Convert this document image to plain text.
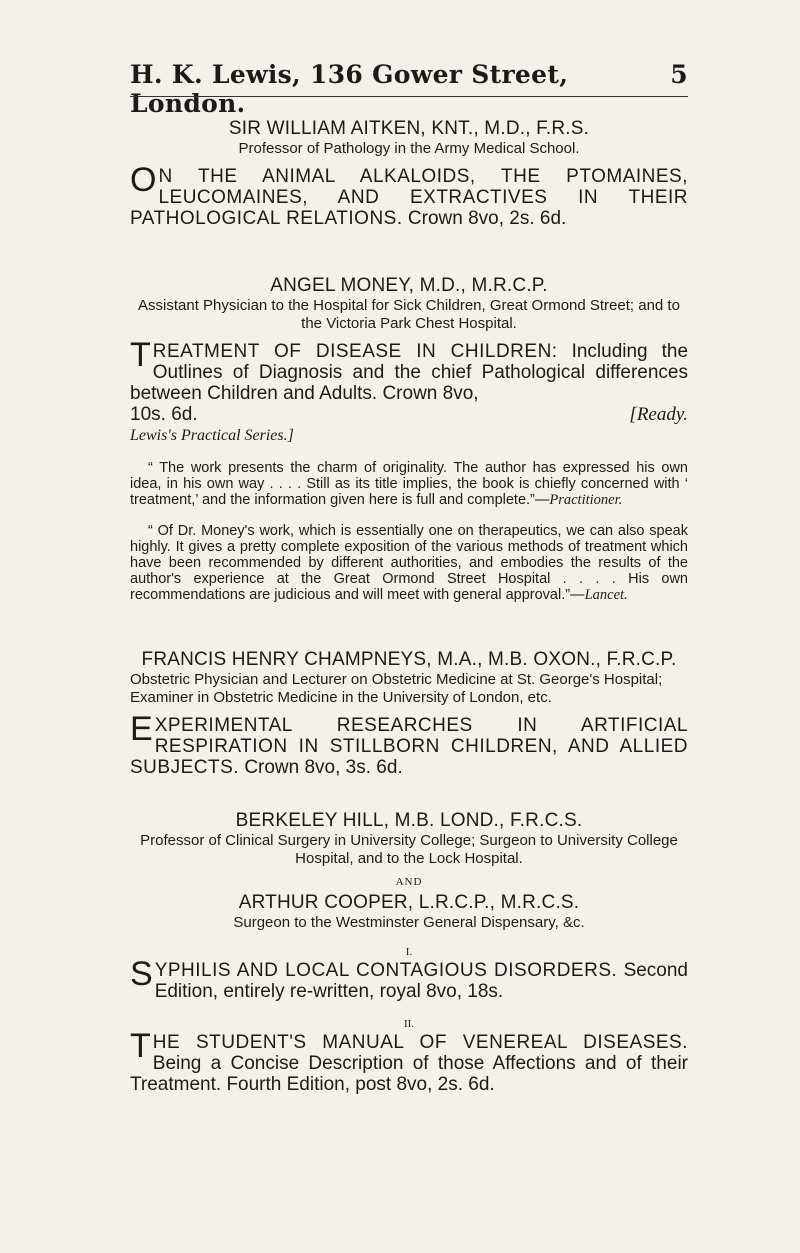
H. K. Lewis, 136 Gower Street, London.
5
SIR WILLIAM AITKEN, KNT., M.D., F.R.S.
Professor of Pathology in the Army Medical School.
O N THE ANIMAL ALKALOIDS, THE PTOMAINES, LEUCOMAINES, AND EXTRACTIVES IN THEIR PATHOLOGICAL RELATIONS. Crown 8vo, 2s. 6d.
ANGEL MONEY, M.D., M.R.C.P.
Assistant Physician to the Hospital for Sick Children, Great Ormond Street; and to the Victoria Park Chest Hospital.
TREATMENT OF DISEASE IN CHILDREN: Including the Outlines of Diagnosis and the chief Pathological differences between Children and Adults. Crown 8vo,
10s. 6d.	[Ready.
Lewis's Practical Series.]

“ The work presents the charm of originality. The author has expressed his own idea, in his own way . . . . Still as its title implies, the book is chiefly concerned with ‘ treatment,’ and the information given here is full and complete.”—Practitioner.

“ Of Dr. Money's work, which is essentially one on therapeutics, we can also speak highly. It gives a pretty complete exposition of the various methods of treatment which have been recommended by different authorities, and embodies the results of the author's experience at the Great Ormond Street Hospital . . . . His own recommendations are judicious and will meet with general approval.”—Lancet.

FRANCIS HENRY CHAMPNEYS, M.A., M.B. OXON., F.R.C.P.
Obstetric Physician and Lecturer on Obstetric Medicine at St. George's Hospital; Examiner in Obstetric Medicine in the University of London, etc.
EXPERIMENTAL RESEARCHES IN ARTIFICIAL RESPIRATION IN STILLBORN CHILDREN, AND ALLIED SUBJECTS. Crown 8vo, 3s. 6d.
BERKELEY HILL, M.B. LOND., F.R.C.S.
Professor of Clinical Surgery in University College; Surgeon to University College Hospital, and to the Lock Hospital.
AND
ARTHUR COOPER, L.R.C.P., M.R.C.S.
Surgeon to the Westminster General Dispensary, &c.
I.
SYPHILIS AND LOCAL CONTAGIOUS DISORDERS. Second Edition, entirely re-written, royal 8vo, 18s.
II.
THE STUDENT'S MANUAL OF VENEREAL DISEASES. Being a Concise Description of those Affections and of their Treatment. Fourth Edition, post 8vo, 2s. 6d.
